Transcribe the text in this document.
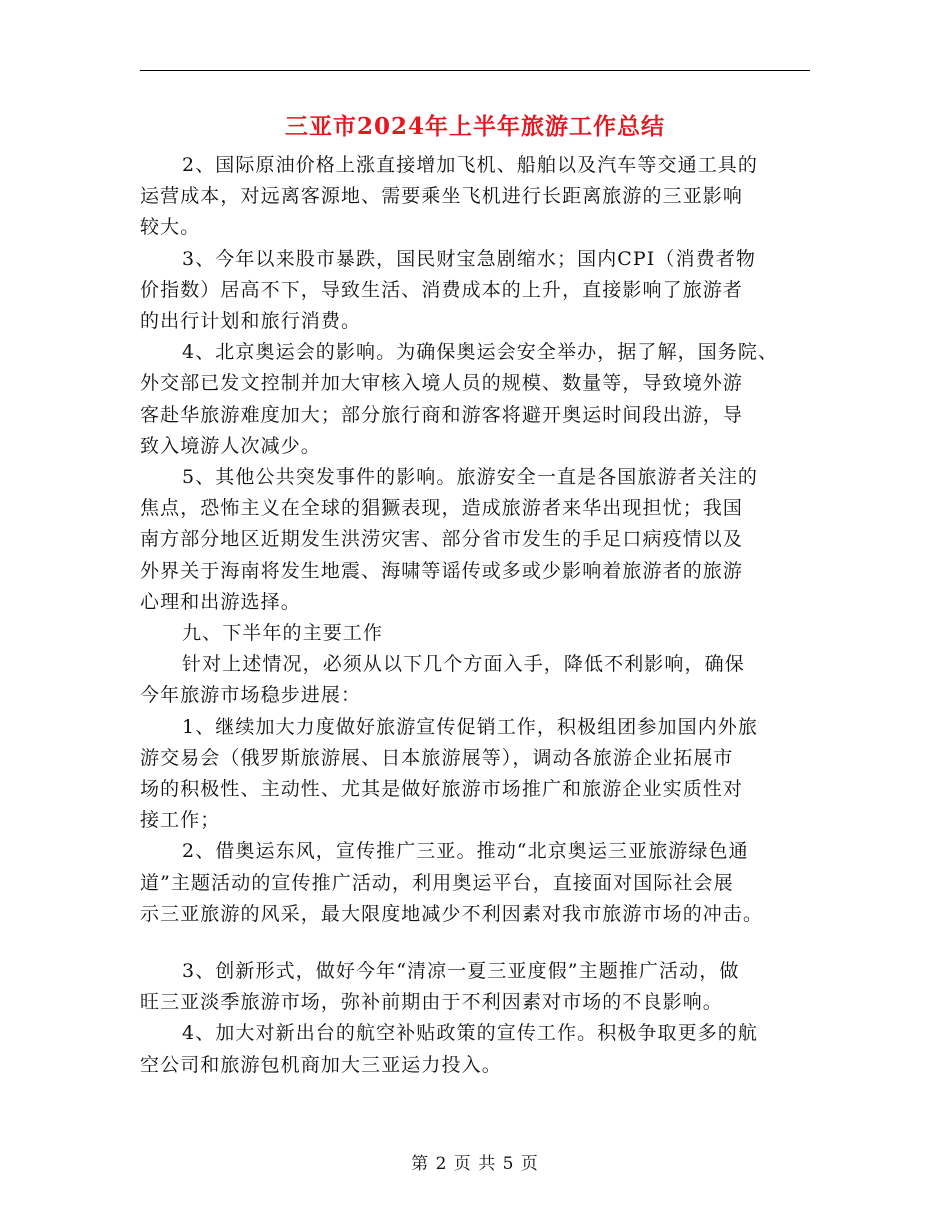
三亚市2024年上半年旅游工作总结

2、国际原油价格上涨直接增加飞机、船舶以及汽车等交通工具的
运营成本，对远离客源地、需要乘坐飞机进行长距离旅游的三亚影响
较大。

3、今年以来股市暴跌，国民财宝急剧缩水；国内CPI（消费者物
价指数）居高不下，导致生活、消费成本的上升，直接影响了旅游者
的出行计划和旅行消费。

4、北京奥运会的影响。为确保奥运会安全举办，据了解，国务院、
外交部已发文控制并加大审核入境人员的规模、数量等，导致境外游
客赴华旅游难度加大；部分旅行商和游客将避开奥运时间段出游，导
致入境游人次减少。

5、其他公共突发事件的影响。旅游安全一直是各国旅游者关注的
焦点，恐怖主义在全球的猖獗表现，造成旅游者来华出现担忧；我国
南方部分地区近期发生洪涝灾害、部分省市发生的手足口病疫情以及
外界关于海南将发生地震、海啸等谣传或多或少影响着旅游者的旅游
心理和出游选择。

九、下半年的主要工作

针对上述情况，必须从以下几个方面入手，降低不利影响，确保
今年旅游市场稳步进展：

1、继续加大力度做好旅游宣传促销工作，积极组团参加国内外旅
游交易会（俄罗斯旅游展、日本旅游展等），调动各旅游企业拓展市
场的积极性、主动性、尤其是做好旅游市场推广和旅游企业实质性对
接工作；

2、借奥运东风，宣传推广三亚。推动“北京奥运三亚旅游绿色通
道”主题活动的宣传推广活动，利用奥运平台，直接面对国际社会展
示三亚旅游的风采，最大限度地减少不利因素对我市旅游市场的冲击。

3、创新形式，做好今年“清凉一夏三亚度假”主题推广活动，做
旺三亚淡季旅游市场，弥补前期由于不利因素对市场的不良影响。

4、加大对新出台的航空补贴政策的宣传工作。积极争取更多的航
空公司和旅游包机商加大三亚运力投入。

第 2 页 共 5 页
